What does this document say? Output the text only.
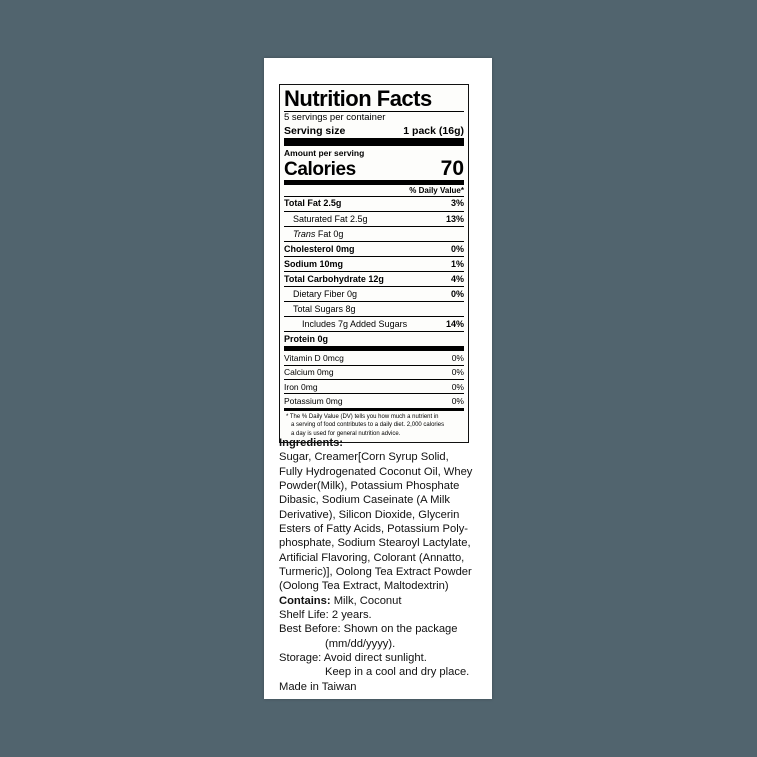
Nutrition Facts
5 servings per container
Serving size	1 pack (16g)
Amount per serving
Calories	70
% Daily Value*
Total Fat 2.5g	3%
Saturated Fat 2.5g	13%
Trans Fat 0g
Cholesterol 0mg	0%
Sodium 10mg	1%
Total Carbohydrate 12g	4%
Dietary Fiber 0g	0%
Total Sugars 8g
Includes 7g Added Sugars	14%
Protein 0g
Vitamin D 0mcg	0%
Calcium 0mg	0%
Iron 0mg	0%
Potassium 0mg	0%
* The % Daily Value (DV) tells you how much a nutrient in
a serving of food contributes to a daily diet. 2,000 calories
a day is used for general nutrition advice.

Ingredients:

Sugar, Creamer[Corn Syrup Solid, Fully Hydrogenated Coconut Oil, Whey Powder(Milk), Potassium Phosphate Dibasic, Sodium Caseinate (A Milk Derivative), Silicon Dioxide, Glycerin Esters of Fatty Acids, Potassium Poly-phosphate, Sodium Stearoyl Lactylate, Artificial Flavoring, Colorant (Annatto, Turmeric)], Oolong Tea Extract Powder (Oolong Tea Extract, Maltodextrin)

Contains: Milk, Coconut

Shelf Life: 2 years.

Best Before: Shown on the package

(mm/dd/yyyy).

Storage: Avoid direct sunlight.

Keep in a cool and dry place.

Made in Taiwan
